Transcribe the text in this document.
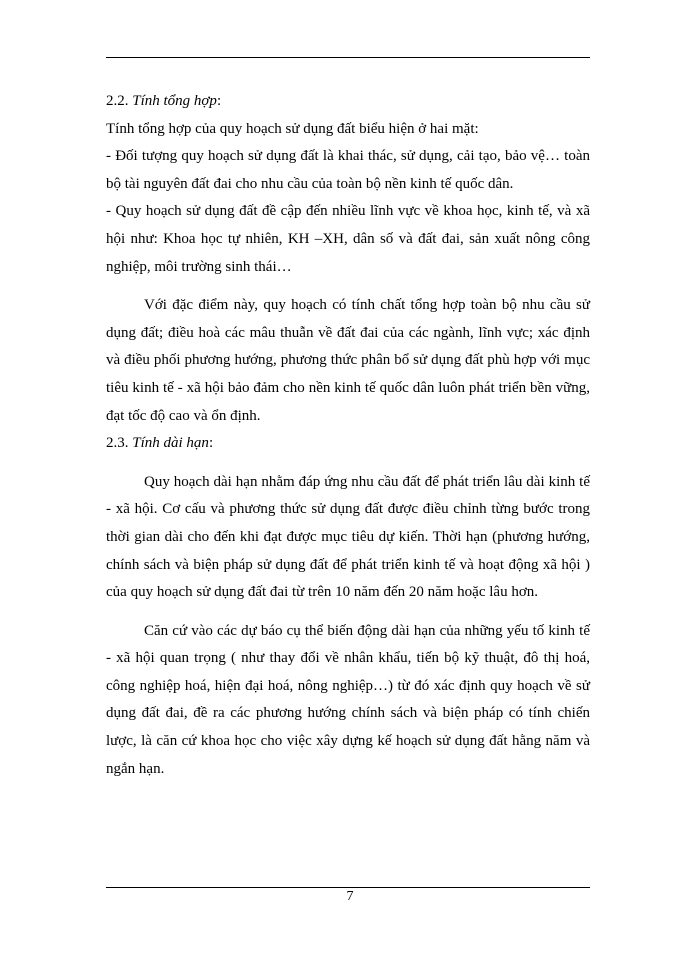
2.2. Tính tổng hợp:

Tính tổng hợp của quy hoạch sử dụng đất biểu hiện ở hai mặt:

- Đối tượng quy hoạch sử dụng đất là khai thác, sử dụng, cải tạo, bảo vệ… toàn bộ tài nguyên đất đai cho nhu cầu của toàn bộ nền kinh tế quốc dân.

- Quy hoạch sử dụng đất đề cập đến nhiều lĩnh vực về khoa học, kinh tế, và xã hội như: Khoa học tự nhiên, KH –XH, dân số và đất đai, sản xuất nông công nghiệp, môi trường sinh thái…

Với đặc điểm này, quy hoạch có tính chất tổng hợp toàn bộ nhu cầu sử dụng đất; điều hoà các mâu thuẫn về đất đai của các ngành, lĩnh vực; xác định và điều phối phương hướng, phương thức phân bổ sử dụng đất phù hợp với mục tiêu kinh tế - xã hội bảo đảm cho nền kinh tế quốc dân luôn phát triển bền vững, đạt tốc độ cao và ổn định.

2.3. Tính dài hạn:

Quy hoạch dài hạn nhằm đáp ứng nhu cầu đất để phát triển lâu dài kinh tế - xã hội. Cơ cấu và phương thức sử dụng đất được điều chỉnh từng bước trong thời gian dài cho đến khi đạt được mục tiêu dự kiến. Thời hạn (phương hướng, chính sách và biện pháp sử dụng đất để phát triển kinh tế và hoạt động xã hội ) của quy hoạch sử dụng đất đai từ trên 10 năm đến 20 năm hoặc lâu hơn.

Căn cứ vào các dự báo cụ thể biến động dài hạn của những yếu tố kinh tế - xã hội quan trọng ( như thay đổi về nhân khẩu, tiến bộ kỹ thuật, đô thị hoá, công nghiệp hoá, hiện đại hoá, nông nghiệp…) từ đó xác định quy hoạch về sử dụng đất đai, đề ra các phương hướng chính sách và biện pháp có tính chiến lược, là căn cứ khoa học cho việc xây dựng kế hoạch sử dụng đất hằng năm và ngắn hạn.

7
